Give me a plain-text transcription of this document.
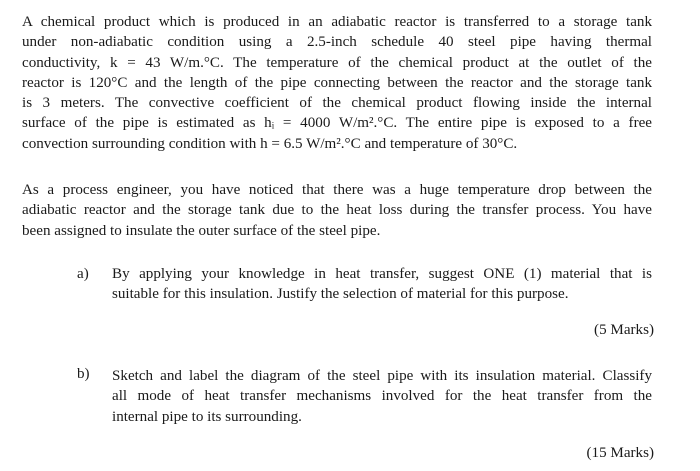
A chemical product which is produced in an adiabatic reactor is transferred to a storage tank
under non-adiabatic condition using a 2.5-inch schedule 40 steel pipe having thermal
conductivity, k = 43 W/m.°C. The temperature of the chemical product at the outlet of the
reactor is 120°C and the length of the pipe connecting between the reactor and the storage tank
is 3 meters. The convective coefficient of the chemical product flowing inside the internal
surface of the pipe is estimated as hᵢ = 4000 W/m².°C. The entire pipe is exposed to a free
convection surrounding condition with h = 6.5 W/m².°C and temperature of 30°C.
As a process engineer, you have noticed that there was a huge temperature drop between the
adiabatic reactor and the storage tank due to the heat loss during the transfer process. You have
been assigned to insulate the outer surface of the steel pipe.
a) By applying your knowledge in heat transfer, suggest ONE (1) material that is
suitable for this insulation. Justify the selection of material for this purpose.
(5 Marks)
b) Sketch and label the diagram of the steel pipe with its insulation material. Classify
all mode of heat transfer mechanisms involved for the heat transfer from the
internal pipe to its surrounding.
(15 Marks)
